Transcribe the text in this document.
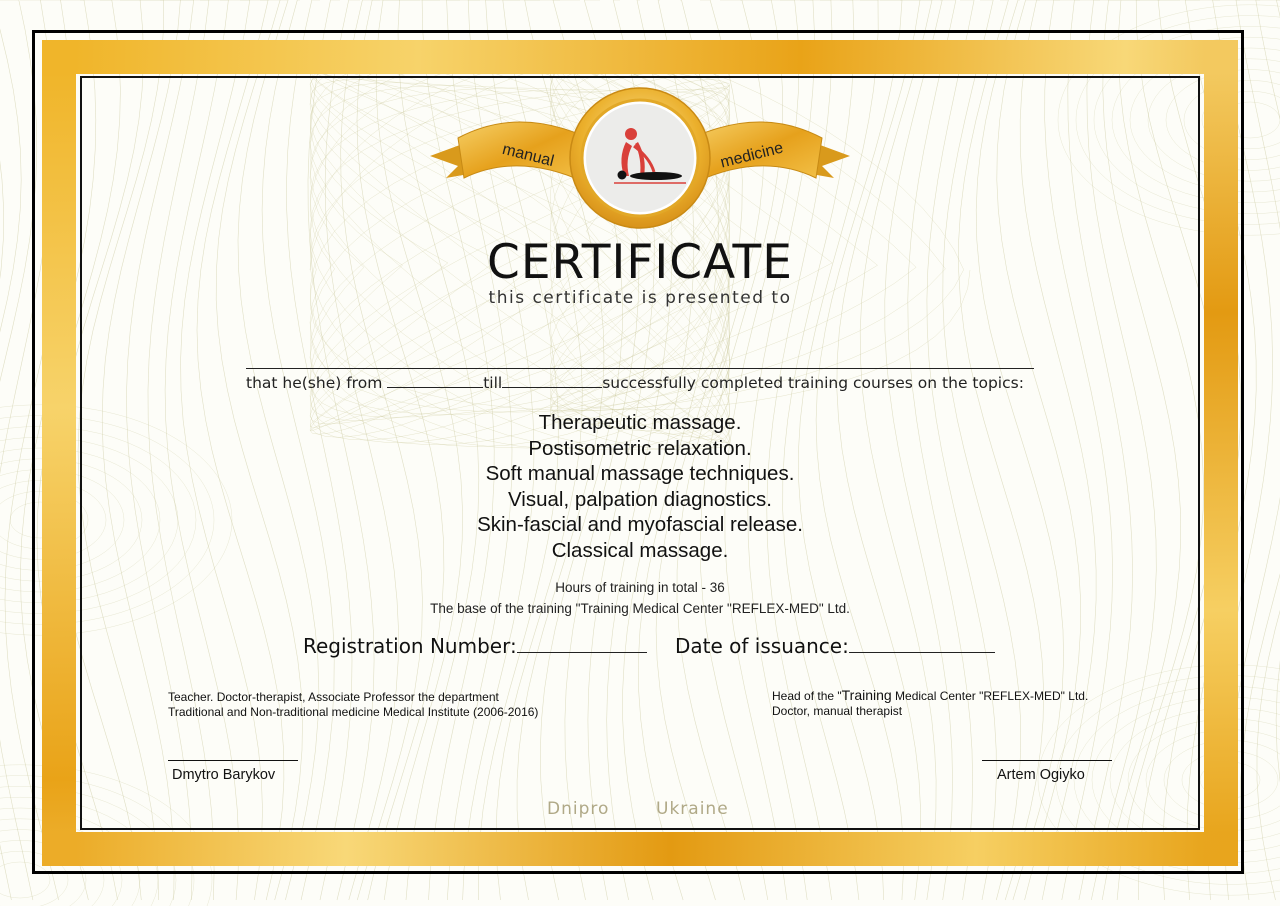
manual	medicine
CERTIFICATE
this certificate is presented to
that he(she) from	till	successfully completed training courses on the topics:
Therapeutic massage.
Postisometric relaxation.
Soft manual massage techniques.
Visual, palpation diagnostics.
Skin-fascial and myofascial release.
Classical massage.
Hours of training in total - 36
The base of the training "Training Medical Center "REFLEX-MED" Ltd.
Registration Number:	Date of issuance:
Teacher. Doctor-therapist, Associate Professor the department
Traditional and Non-traditional medicine Medical Institute (2006-2016)
Dmytro Barykov
Head of the "Training Medical Center "REFLEX-MED" Ltd.
Doctor, manual therapist
Artem Ogiyko
Dnipro	Ukraine
